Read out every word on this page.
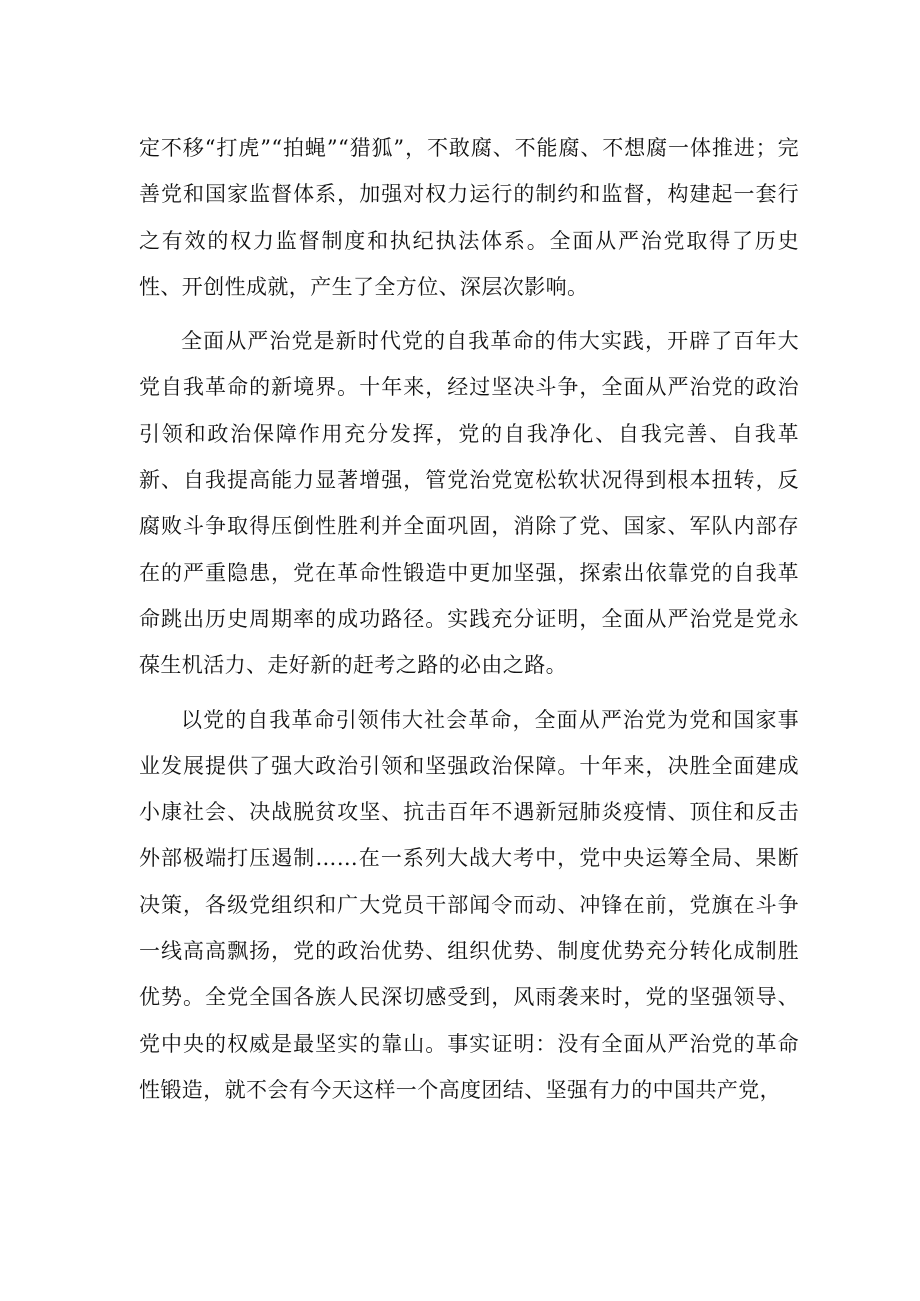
定不移“打虎”“拍蝇”“猎狐”，不敢腐、不能腐、不想腐一体推进；完善党和国家监督体系，加强对权力运行的制约和监督，构建起一套行之有效的权力监督制度和执纪执法体系。全面从严治党取得了历史性、开创性成就，产生了全方位、深层次影响。

全面从严治党是新时代党的自我革命的伟大实践，开辟了百年大党自我革命的新境界。十年来，经过坚决斗争，全面从严治党的政治引领和政治保障作用充分发挥，党的自我净化、自我完善、自我革新、自我提高能力显著增强，管党治党宽松软状况得到根本扭转，反腐败斗争取得压倒性胜利并全面巩固，消除了党、国家、军队内部存在的严重隐患，党在革命性锻造中更加坚强，探索出依靠党的自我革命跳出历史周期率的成功路径。实践充分证明，全面从严治党是党永葆生机活力、走好新的赶考之路的必由之路。

以党的自我革命引领伟大社会革命，全面从严治党为党和国家事业发展提供了强大政治引领和坚强政治保障。十年来，决胜全面建成小康社会、决战脱贫攻坚、抗击百年不遇新冠肺炎疫情、顶住和反击外部极端打压遏制……在一系列大战大考中，党中央运筹全局、果断决策，各级党组织和广大党员干部闻令而动、冲锋在前，党旗在斗争一线高高飘扬，党的政治优势、组织优势、制度优势充分转化成制胜优势。全党全国各族人民深切感受到，风雨袭来时，党的坚强领导、党中央的权威是最坚实的靠山。事实证明：没有全面从严治党的革命性锻造，就不会有今天这样一个高度团结、坚强有力的中国共产党，
